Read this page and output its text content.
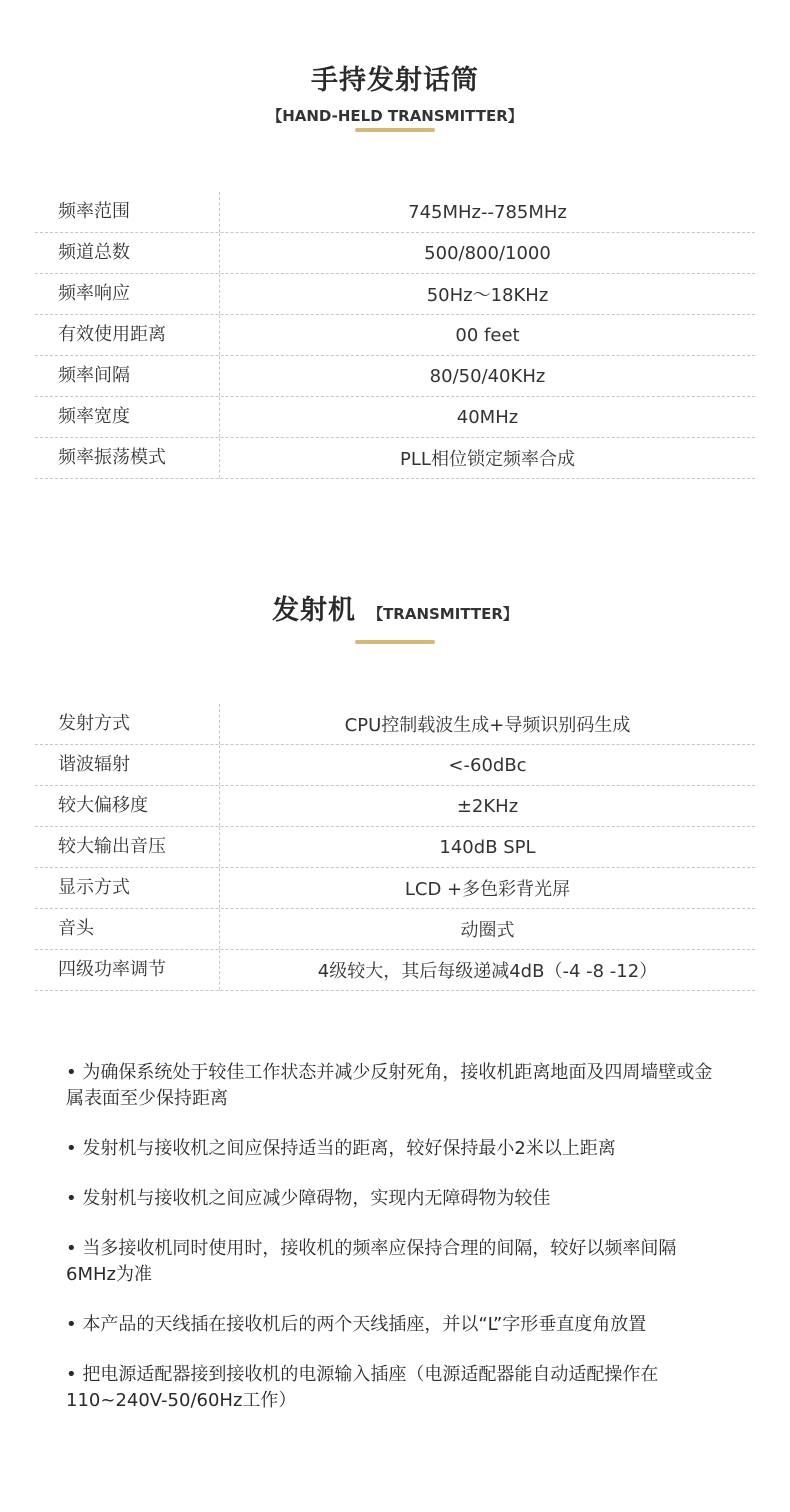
手持发射话筒
【HAND-HELD TRANSMITTER】
频率范围	745MHz--785MHz
频道总数	500/800/1000
频率响应	50Hz～18KHz
有效使用距离	00 feet
频率间隔	80/50/40KHz
频率宽度	40MHz
频率振荡模式	PLL相位锁定频率合成
发射机 【TRANSMITTER】
发射方式	CPU控制载波生成+导频识别码生成
谐波辐射	<-60dBc
较大偏移度	±2KHz
较大输出音压	140dB SPL
显示方式	LCD +多色彩背光屏
音头	动圈式
四级功率调节	4级较大，其后每级递减4dB（-4 -8 -12）
• 为确保系统处于较佳工作状态并减少反射死角，接收机距离地面及四周墙壁或金属表面至少保持距离
• 发射机与接收机之间应保持适当的距离，较好保持最小2米以上距离
• 发射机与接收机之间应减少障碍物，实现内无障碍物为较佳
• 当多接收机同时使用时，接收机的频率应保持合理的间隔，较好以频率间隔6MHz为准
• 本产品的天线插在接收机后的两个天线插座，并以“L”字形垂直度角放置
• 把电源适配器接到接收机的电源输入插座（电源适配器能自动适配操作在110~240V-50/60Hz工作）
